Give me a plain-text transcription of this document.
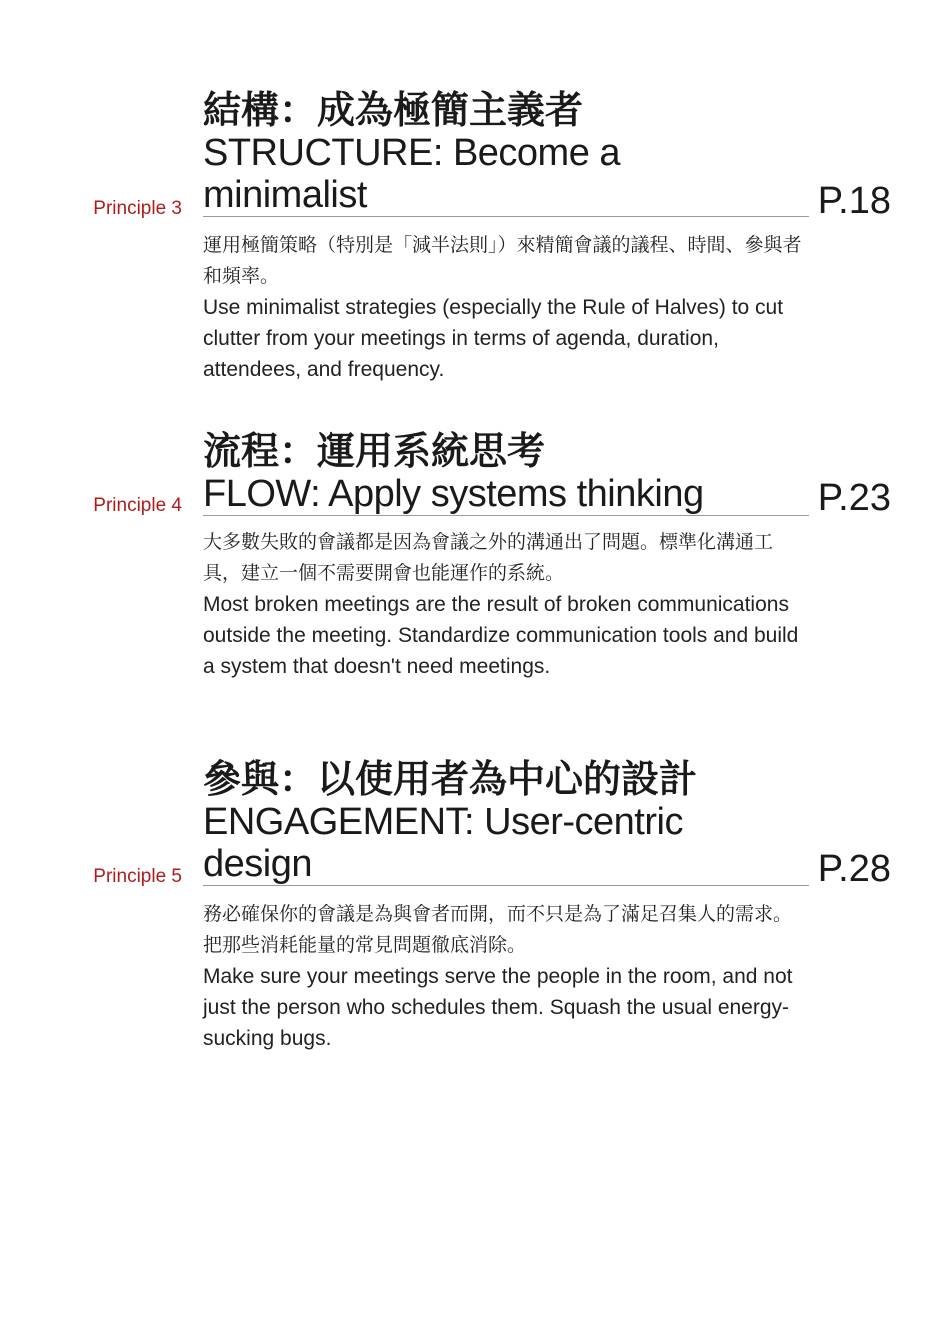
結構：成為極簡主義者
STRUCTURE: Become a minimalist
Principle 3	P.18

運用極簡策略（特別是「減半法則」）來精簡會議的議程、時間、參與者和頻率。

Use minimalist strategies (especially the Rule of Halves) to cut clutter from your meetings in terms of agenda, duration, attendees, and frequency.

流程：運用系統思考
FLOW: Apply systems thinking
Principle 4	P.23

大多數失敗的會議都是因為會議之外的溝通出了問題。標準化溝通工具，建立一個不需要開會也能運作的系統。

Most broken meetings are the result of broken communications outside the meeting. Standardize communication tools and build a system that doesn't need meetings.

參與：以使用者為中心的設計
ENGAGEMENT: User-centric design
Principle 5	P.28

務必確保你的會議是為與會者而開，而不只是為了滿足召集人的需求。把那些消耗能量的常見問題徹底消除。

Make sure your meetings serve the people in the room, and not just the person who schedules them. Squash the usual energy-sucking bugs.
